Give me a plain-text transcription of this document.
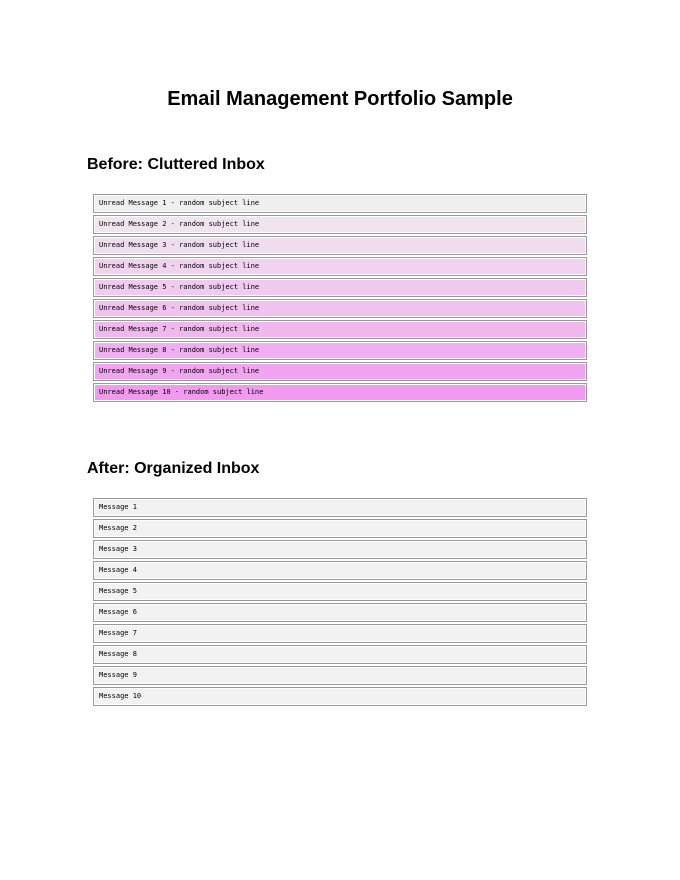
Email Management Portfolio Sample
Before: Cluttered Inbox
Unread Message 1 - random subject line
Unread Message 2 - random subject line
Unread Message 3 - random subject line
Unread Message 4 - random subject line
Unread Message 5 - random subject line
Unread Message 6 - random subject line
Unread Message 7 - random subject line
Unread Message 8 - random subject line
Unread Message 9 - random subject line
Unread Message 10 - random subject line
After: Organized Inbox
Message 1
Message 2
Message 3
Message 4
Message 5
Message 6
Message 7
Message 8
Message 9
Message 10
